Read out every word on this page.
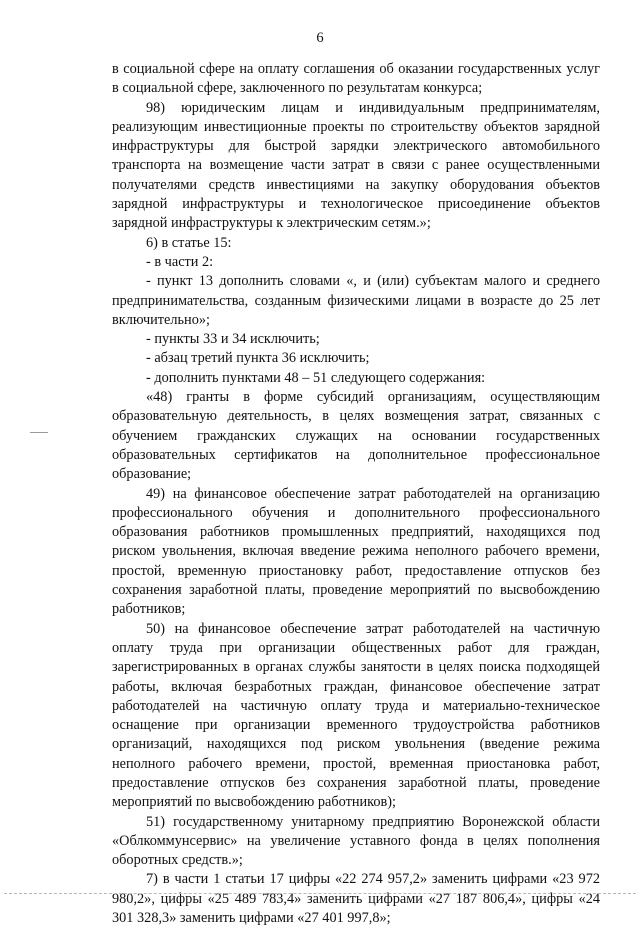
6

в социальной сфере на оплату соглашения об оказании государственных услуг в социальной сфере, заключенного по результатам конкурса;

98) юридическим лицам и индивидуальным предпринимателям, реализующим инвестиционные проекты по строительству объектов зарядной инфраструктуры для быстрой зарядки электрического автомобильного транспорта на возмещение части затрат в связи с ранее осуществленными получателями средств инвестициями на закупку оборудования объектов зарядной инфраструктуры и технологическое присоединение объектов зарядной инфраструктуры к электрическим сетям.»;

6) в статье 15:

- в части 2:

- пункт 13 дополнить словами «, и (или) субъектам малого и среднего предпринимательства, созданным физическими лицами в возрасте до 25 лет включительно»;

- пункты 33 и 34 исключить;

- абзац третий пункта 36 исключить;

- дополнить пунктами 48 – 51 следующего содержания:

«48) гранты в форме субсидий организациям, осуществляющим образовательную деятельность, в целях возмещения затрат, связанных с обучением гражданских служащих на основании государственных образовательных сертификатов на дополнительное профессиональное образование;

49) на финансовое обеспечение затрат работодателей на организацию профессионального обучения и дополнительного профессионального образования работников промышленных предприятий, находящихся под риском увольнения, включая введение режима неполного рабочего времени, простой, временную приостановку работ, предоставление отпусков без сохранения заработной платы, проведение мероприятий по высвобождению работников;

50) на финансовое обеспечение затрат работодателей на частичную оплату труда при организации общественных работ для граждан, зарегистрированных в органах службы занятости в целях поиска подходящей работы, включая безработных граждан, финансовое обеспечение затрат работодателей на частичную оплату труда и материально-техническое оснащение при организации временного трудоустройства работников организаций, находящихся под риском увольнения (введение режима неполного рабочего времени, простой, временная приостановка работ, предоставление отпусков без сохранения заработной платы, проведение мероприятий по высвобождению работников);

51) государственному унитарному предприятию Воронежской области «Облкоммунсервис» на увеличение уставного фонда в целях пополнения оборотных средств.»;

7) в части 1 статьи 17 цифры «22 274 957,2» заменить цифрами «23 972 980,2», цифры «25 489 783,4» заменить цифрами «27 187 806,4», цифры «24 301 328,3» заменить цифрами «27 401 997,8»;
